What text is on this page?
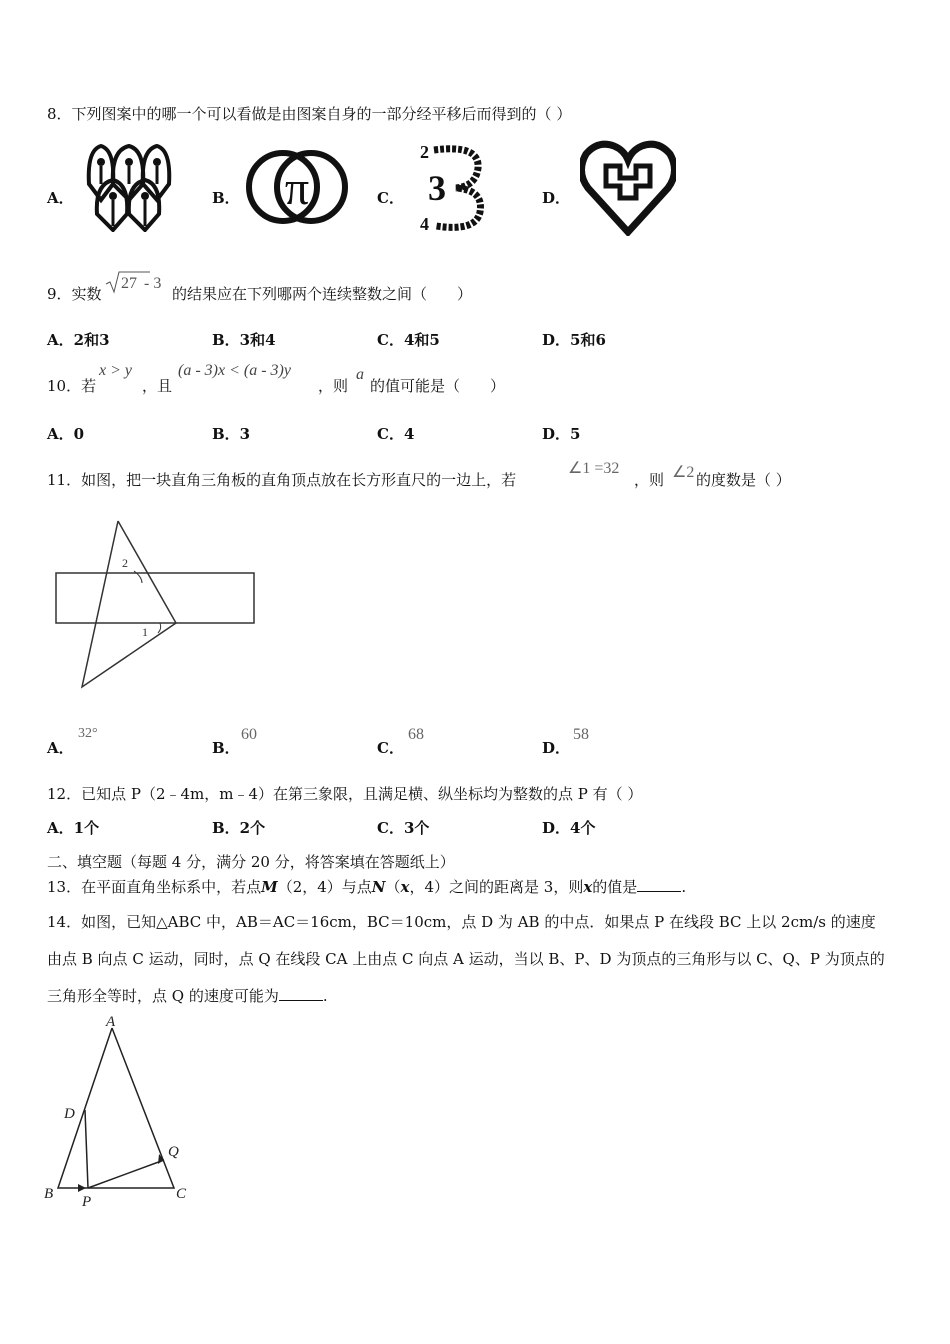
8．下列图案中的哪一个可以看做是由图案自身的一部分经平移后而得到的（ ）
A．	B． π	C．
2
3
4
D．
9．实数
27 - 3
的结果应在下列哪两个连续整数之间（　　）
A．2和3	B．3和4	C．4和5	D．5和6
10．若
x > y
，且
(a - 3)x < (a - 3)y
，则
a
的值可能是（　　）
A．0	B．3	C．4	D．5
11．如图，把一块直角三角板的直角顶点放在长方形直尺的一边上，若
∠1 =32
，则 ∠2 的度数是（ ）
2
1
A．
32°
B．
60
C．
68
D．
58
12．已知点 P（2﹣4m，m﹣4）在第三象限，且满足横、纵坐标均为整数的点 P 有（ ）
A．1个	B．2个	C．3个	D．4个
二、填空题（每题 4 分，满分 20 分，将答案填在答题纸上）
13．在平面直角坐标系中，若点M（2，4）与点N（x，4）之间的距离是 3，则x的值是	.
14．如图，已知△ABC 中，AB＝AC＝16cm，BC＝10cm，点 D 为 AB 的中点．如果点 P 在线段 BC 上以 2cm/s 的速度
由点 B 向点 C 运动，同时，点 Q 在线段 CA 上由点 C 向点 A 运动，当以 B、P、D 为顶点的三角形与以 C、Q、P 为顶点的
三角形全等时，点 Q 的速度可能为	.
A
D
Q
B P	C
